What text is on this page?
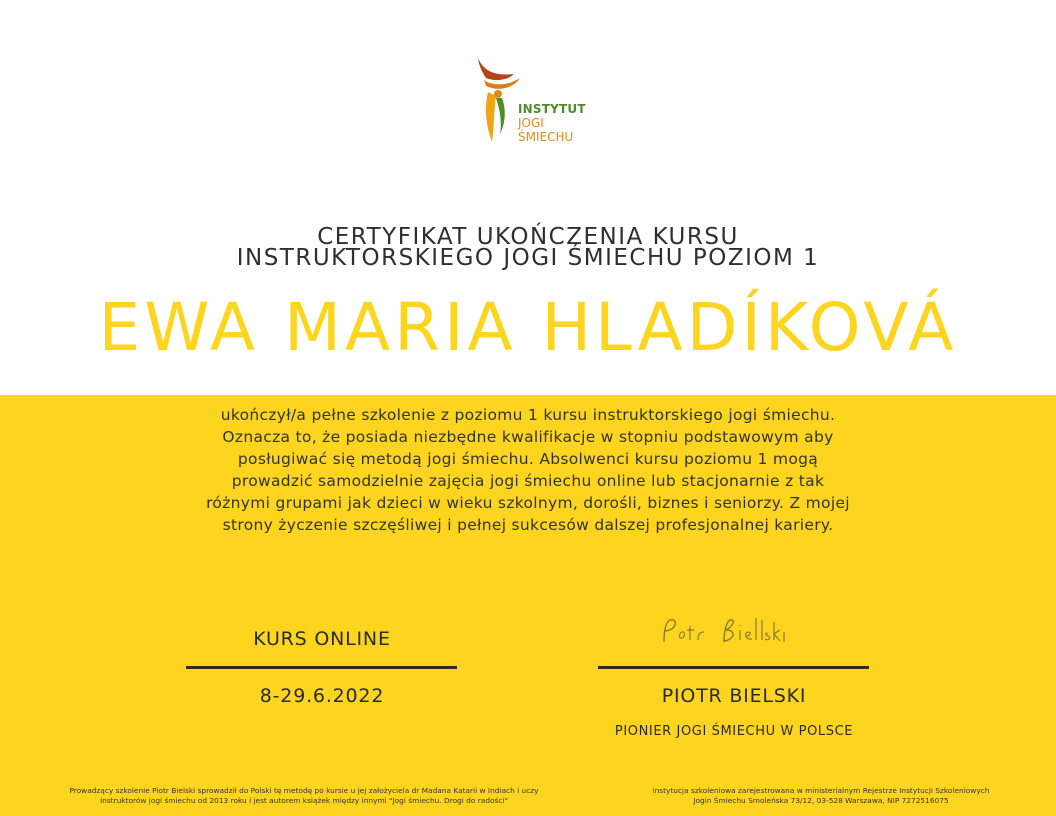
INSTYTUT
JOGI
ŚMIECHU
CERTYFIKAT UKOŃCZENIA KURSU
INSTRUKTORSKIEGO JOGI ŚMIECHU POZIOM 1
EWA MARIA HLADÍKOVÁ
ukończył/a pełne szkolenie z poziomu 1 kursu instruktorskiego jogi śmiechu. Oznacza to, że posiada niezbędne kwalifikacje w stopniu podstawowym aby posługiwać się metodą jogi śmiechu. Absolwenci kursu poziomu 1 mogą prowadzić samodzielnie zajęcia jogi śmiechu online lub stacjonarnie z tak różnymi grupami jak dzieci w wieku szkolnym, dorośli, biznes i seniorzy. Z mojej strony życzenie szczęśliwej i pełnej sukcesów dalszej profesjonalnej kariery.
KURS ONLINE
8-29.6.2022	PIOTR BIELSKI
PIONIER JOGI ŚMIECHU W POLSCE
Prowadzący szkolenie Piotr Bielski sprowadził do Polski tę metodę po kursie u jej założyciela dr Madana Katarii w Indiach i uczy
instruktorów jogi śmiechu od 2013 roku i jest autorem książek między innymi "Jogi śmiechu. Drogi do radości"
instytucja szkoleniowa zarejestrowana w ministerialnym Rejestrze Instytucji Szkoleniowych
Jogin Śmiechu Smoleńska 73/12, 03-528 Warszawa, NIP 7272516075
